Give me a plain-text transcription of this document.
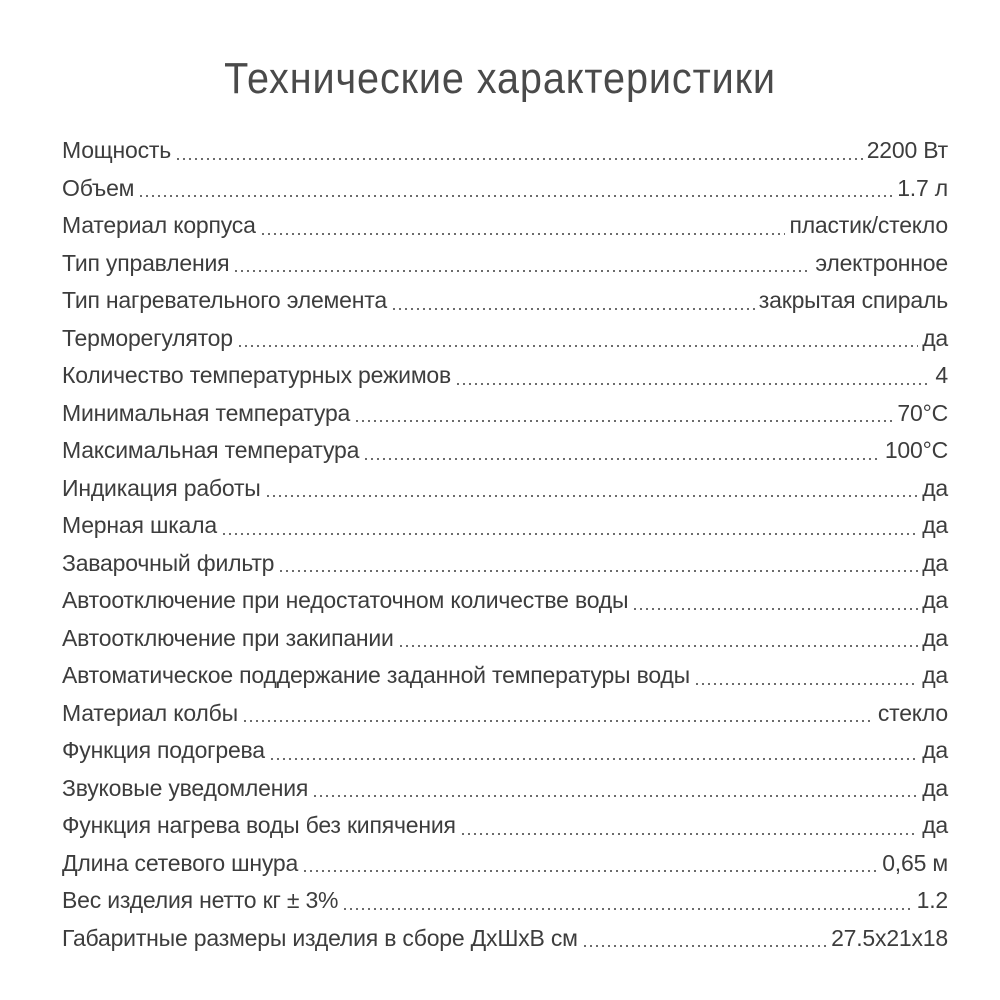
Технические характеристики
Мощность	2200 Вт
Объем	1.7 л
Материал корпуса	пластик/стекло
Тип управления	электронное
Тип нагревательного элемента	закрытая спираль
Терморегулятор	да
Количество температурных режимов	4
Минимальная температура	70°C
Максимальная температура	100°C
Индикация работы	да
Мерная шкала	да
Заварочный фильтр	да
Автоотключение при недостаточном количестве воды	да
Автоотключение при закипании	да
Автоматическое поддержание заданной температуры воды	да
Материал колбы	стекло
Функция подогрева	да
Звуковые уведомления	да
Функция нагрева воды без кипячения	да
Длина сетевого шнура	0,65 м
Вес изделия нетто кг ± 3%	1.2
Габаритные размеры изделия в сборе ДхШхВ см	27.5x21x18
